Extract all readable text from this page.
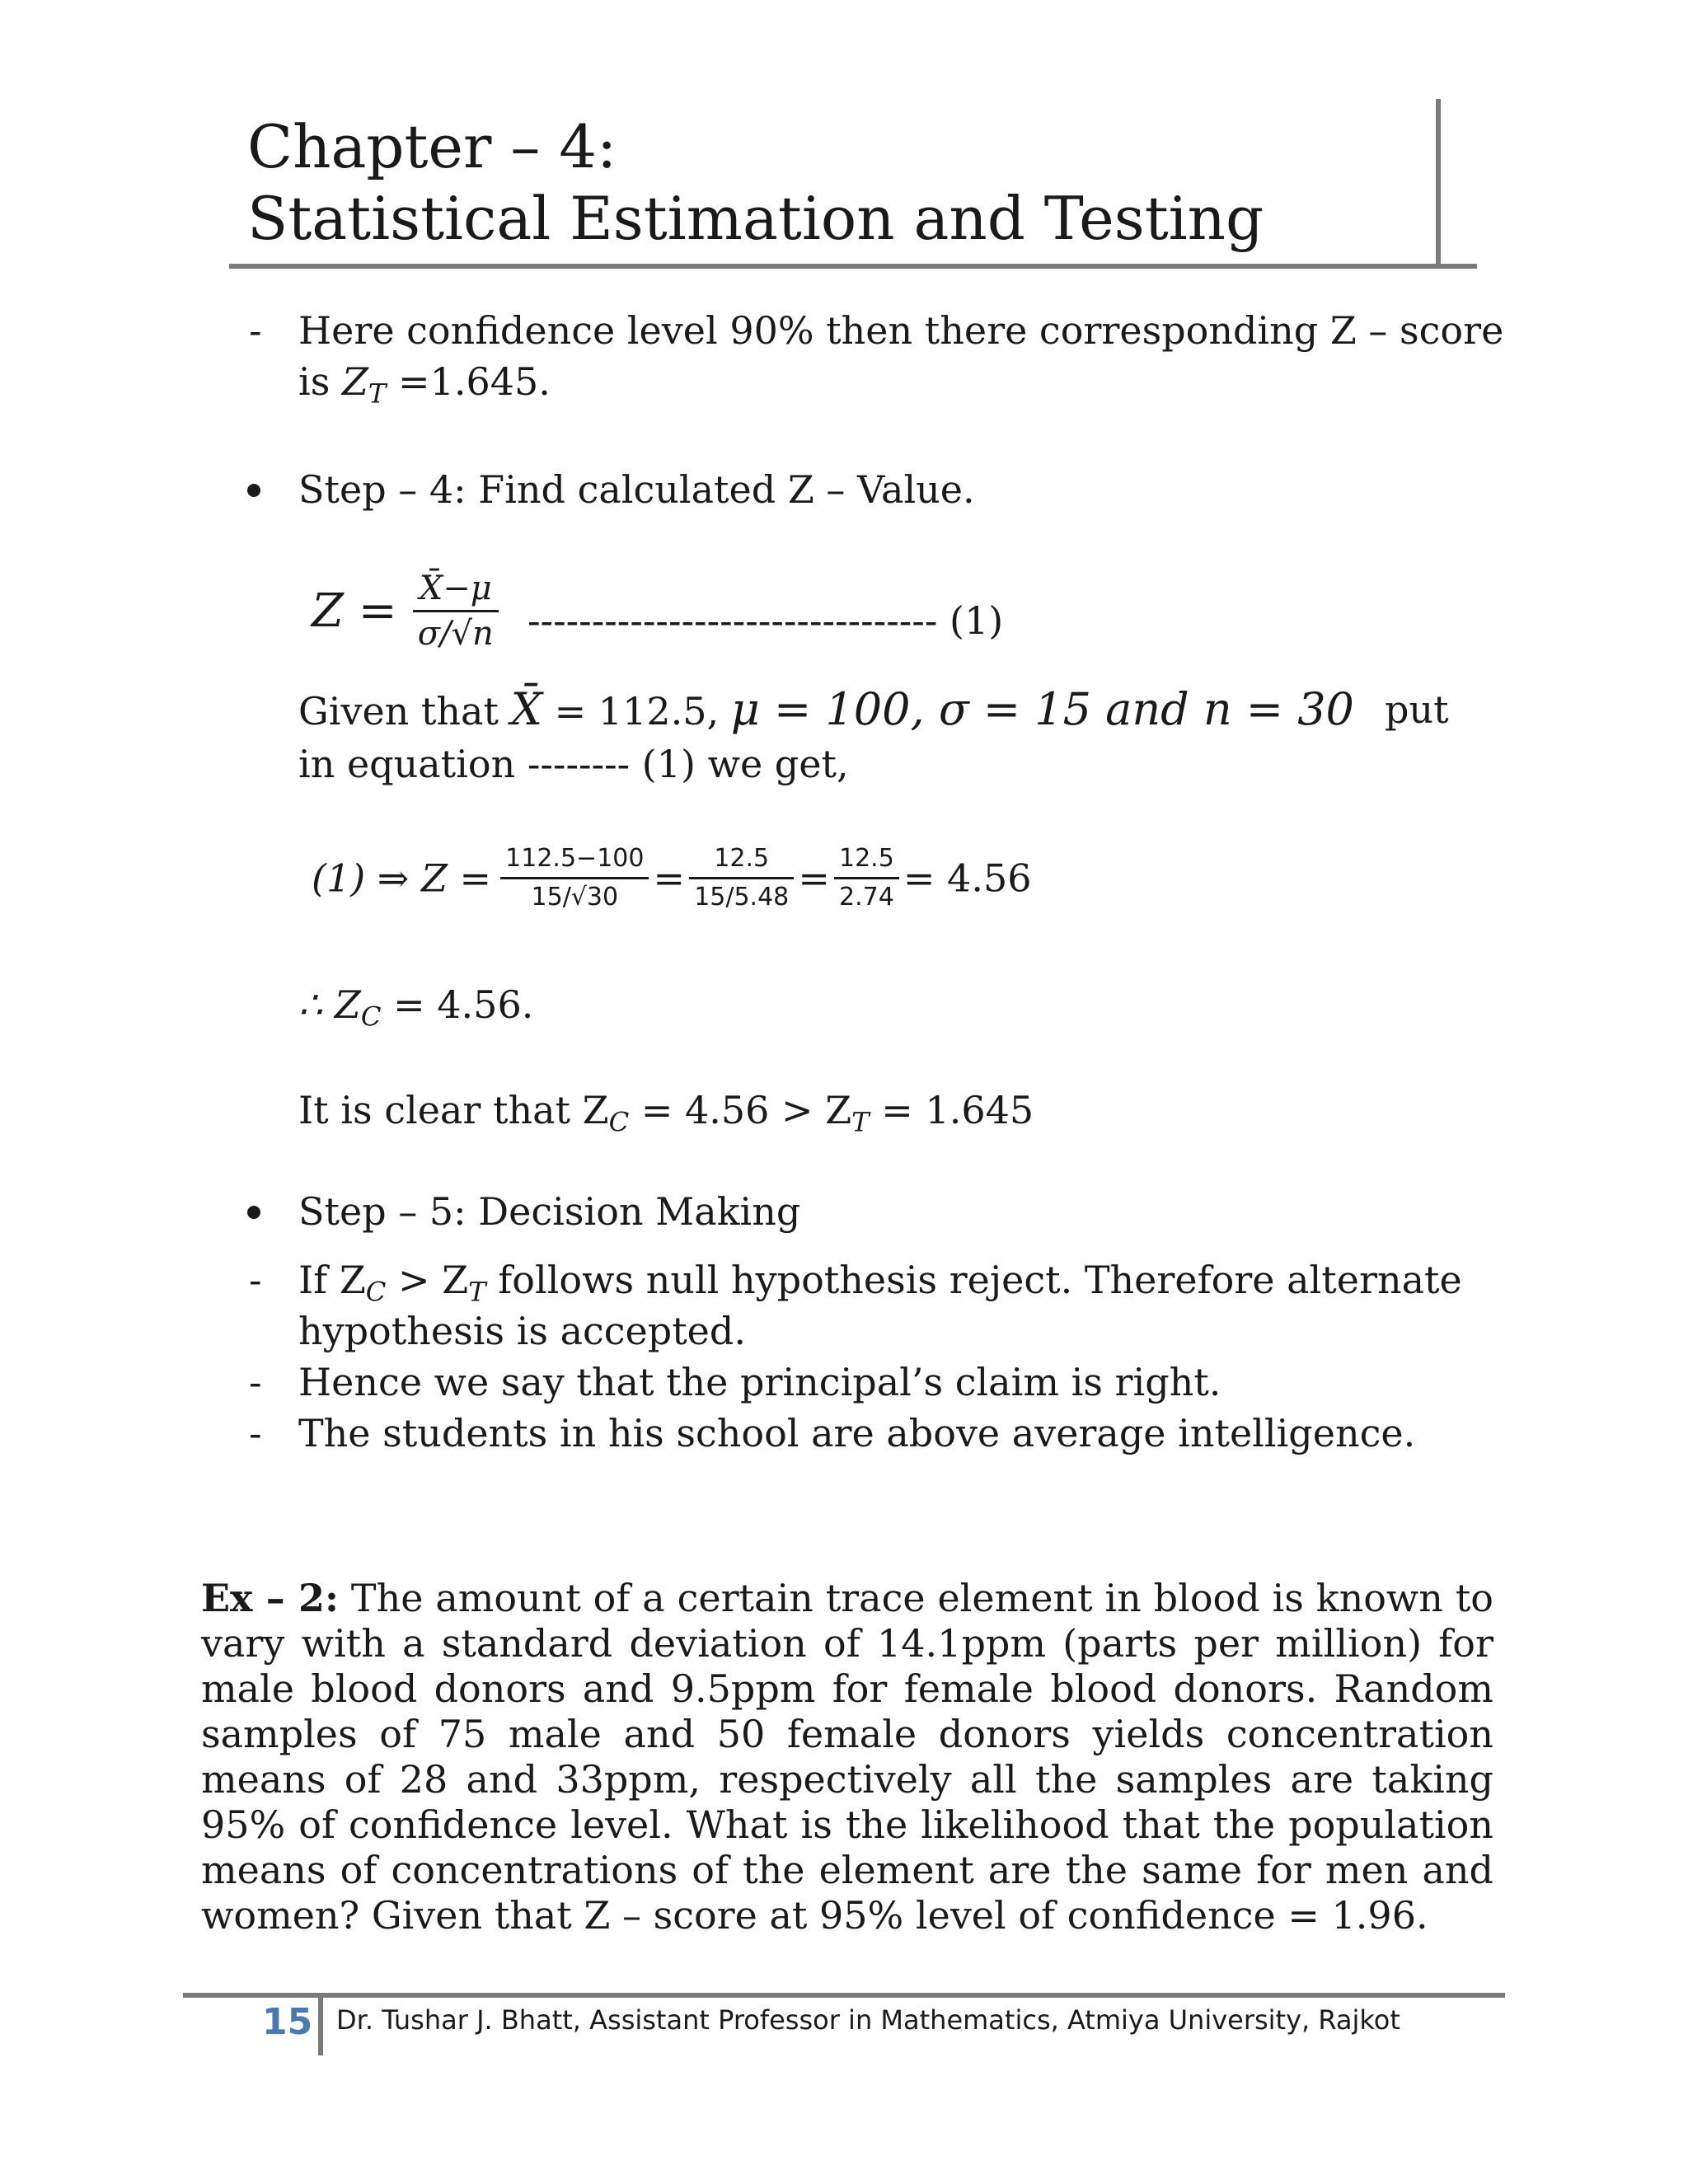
Chapter – 4:
Statistical Estimation and Testing
- Here confidence level 90% then there corresponding Z – score
is $Z_T =1.645$.
Step – 4: Find calculated Z – Value.
$Z = \frac{X̄-\mu}{\sigma/√n}$ -------------------------------- (1)
Given that X̄ = 112.5, μ = 100, σ = 15 and n = 30 put
in equation -------- (1) we get,
(1) ⇒ $Z = \frac{112.5-100}{15/√30} = \frac{12.5}{15/5.48} = \frac{12.5}{2.74} = 4.56$
∴ $Z_C = 4.56$.
It is clear that $Z_C = 4.56 > Z_T = 1.645$
Step – 5: Decision Making
- If $Z_C > Z_T$ follows null hypothesis reject. Therefore alternate
hypothesis is accepted.
- Hence we say that the principal’s claim is right.
- The students in his school are above average intelligence.
Ex – 2: The amount of a certain trace element in blood is known to vary with a standard deviation of 14.1ppm (parts per million) for male blood donors and 9.5ppm for female blood donors. Random samples of 75 male and 50 female donors yields concentration means of 28 and 33ppm, respectively all the samples are taking 95% of confidence level. What is the likelihood that the population means of concentrations of the element are the same for men and women? Given that Z – score at 95% level of confidence = 1.96.
15 Dr. Tushar J. Bhatt, Assistant Professor in Mathematics, Atmiya University, Rajkot
